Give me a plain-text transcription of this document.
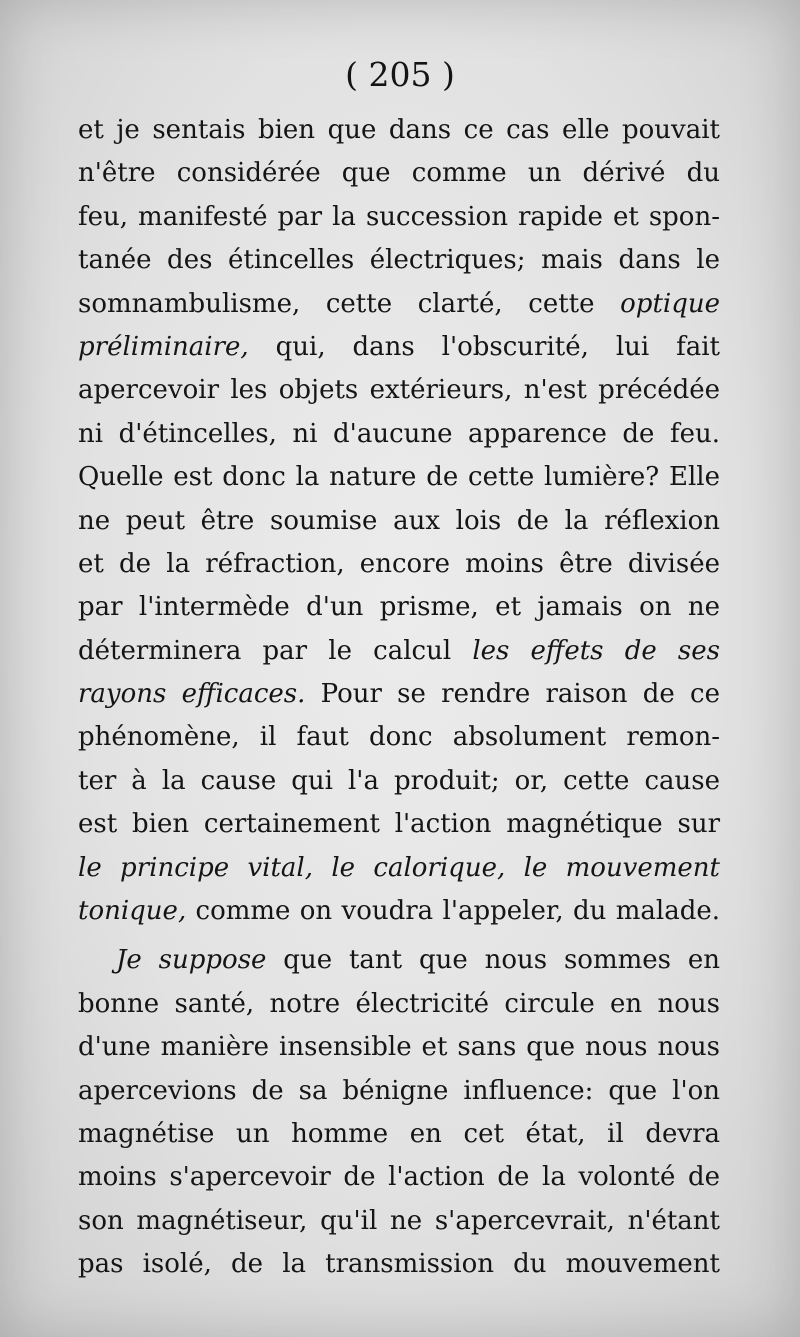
( 205 )

et je sentais bien que dans ce cas elle pouvait
n'être considérée que comme un dérivé du
feu, manifesté par la succession rapide et spon-
tanée des étincelles électriques; mais dans le
somnambulisme, cette clarté, cette optique
préliminaire, qui, dans l'obscurité, lui fait
apercevoir les objets extérieurs, n'est précédée
ni d'étincelles, ni d'aucune apparence de feu.
Quelle est donc la nature de cette lumière? Elle
ne peut être soumise aux lois de la réflexion
et de la réfraction, encore moins être divisée
par l'intermède d'un prisme, et jamais on ne
déterminera par le calcul les effets de ses
rayons efficaces. Pour se rendre raison de ce
phénomène, il faut donc absolument remon-
ter à la cause qui l'a produit; or, cette cause
est bien certainement l'action magnétique sur
le principe vital, le calorique, le mouvement
tonique, comme on voudra l'appeler, du malade.
Je suppose que tant que nous sommes en
bonne santé, notre électricité circule en nous
d'une manière insensible et sans que nous nous
apercevions de sa bénigne influence: que l'on
magnétise un homme en cet état, il devra
moins s'apercevoir de l'action de la volonté de
son magnétiseur, qu'il ne s'apercevrait, n'étant
pas isolé, de la transmission du mouvement
